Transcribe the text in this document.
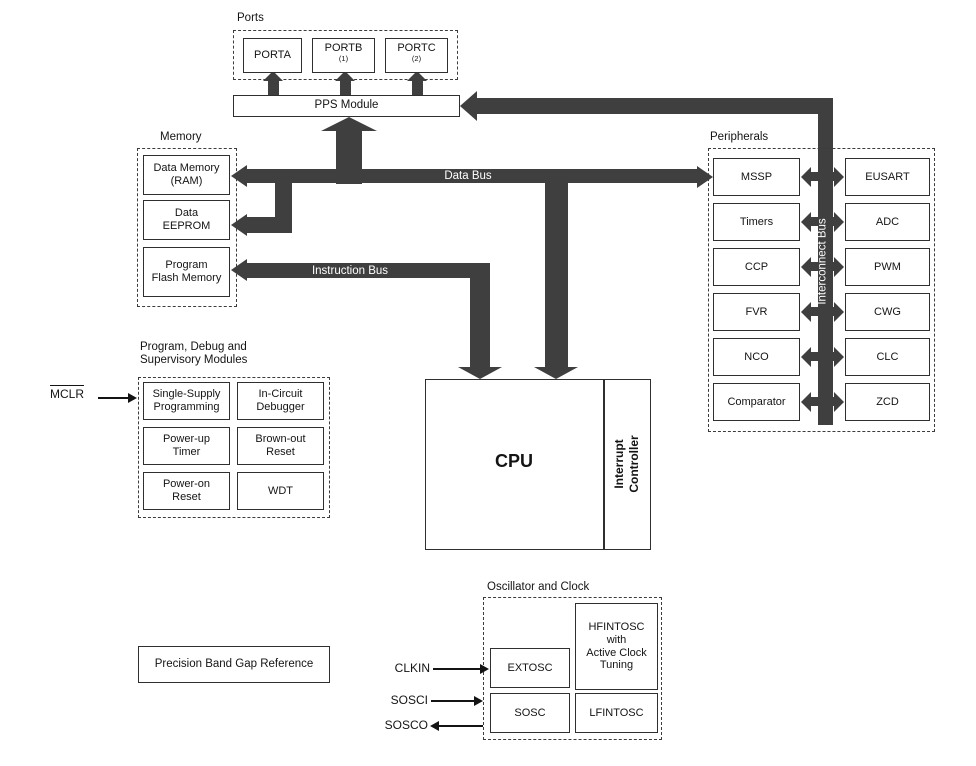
Data Bus
Instruction Bus
Ports
PORTA
PORTB
$^{(1)}$
PORTC
$^{(2)}$
PPS Module
Memory
Data Memory
(RAM)
Data
EEPROM
Program
Flash Memory
CPU	Interrupt Controller
Peripherals
MSSP
Timers
CCP
FVR
NCO
Comparator
EUSART
ADC
PWM
CWG
CLC
ZCD
Interconnect Bus
Program, Debug and
Supervisory Modules
Single-Supply
Programming
In-Circuit
Debugger
Power-up
Timer
Brown-out
Reset
Power-on
Reset
WDT
MCLR
Oscillator and Clock
HFINTOSC
with
Active Clock
Tuning
EXTOSC
SOSC	LFINTOSC
CLKIN
SOSCI
SOSCO
Precision Band Gap Reference
